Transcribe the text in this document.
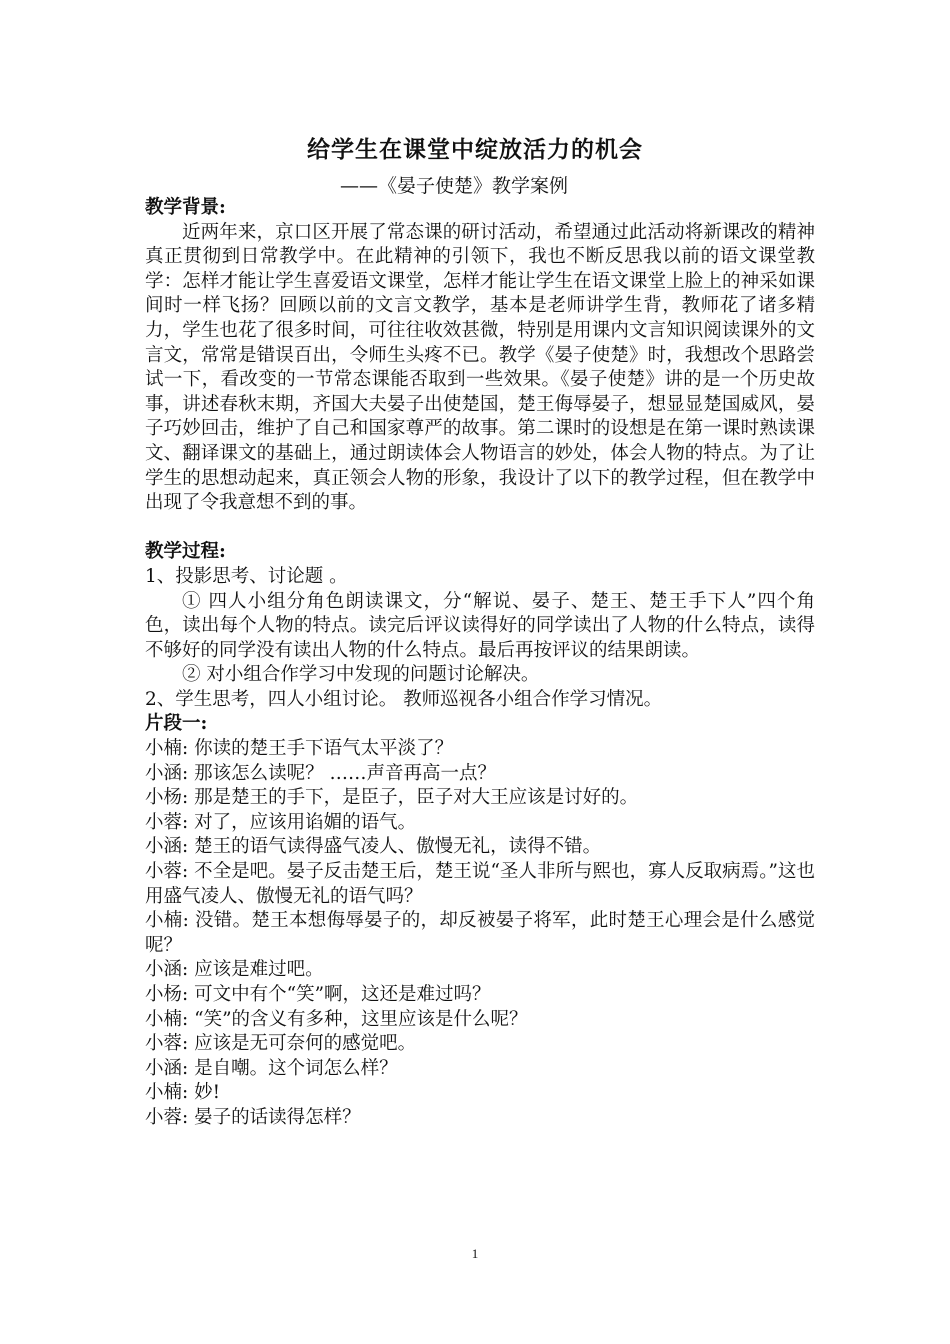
给学生在课堂中绽放活力的机会
——《晏子使楚》教学案例

教学背景:

近两年来，京口区开展了常态课的研讨活动，希望通过此活动将新课改的精神真正贯彻到日常教学中。在此精神的引领下，我也不断反思我以前的语文课堂教学：怎样才能让学生喜爱语文课堂，怎样才能让学生在语文课堂上脸上的神采如课间时一样飞扬？回顾以前的文言文教学，基本是老师讲学生背，教师花了诸多精力，学生也花了很多时间，可往往收效甚微，特别是用课内文言知识阅读课外的文言文，常常是错误百出，令师生头疼不已。教学《晏子使楚》时，我想改个思路尝试一下，看改变的一节常态课能否取到一些效果。《晏子使楚》讲的是一个历史故事，讲述春秋末期，齐国大夫晏子出使楚国，楚王侮辱晏子，想显显楚国威风，晏子巧妙回击，维护了自己和国家尊严的故事。第二课时的设想是在第一课时熟读课文、翻译课文的基础上，通过朗读体会人物语言的妙处，体会人物的特点。为了让学生的思想动起来，真正领会人物的形象，我设计了以下的教学过程，但在教学中出现了令我意想不到的事。

教学过程:

1、投影思考、讨论题 。

① 四人小组分角色朗读课文，分“解说、晏子、楚王、楚王手下人”四个角色，读出每个人物的特点。读完后评议读得好的同学读出了人物的什么特点，读得不够好的同学没有读出人物的什么特点。最后再按评议的结果朗读。

② 对小组合作学习中发现的问题讨论解决。

2、学生思考，四人小组讨论。 教师巡视各小组合作学习情况。

片段一:

小楠: 你读的楚王手下语气太平淡了？

小涵: 那该怎么读呢？ ……声音再高一点？

小杨: 那是楚王的手下，是臣子，臣子对大王应该是讨好的。

小蓉: 对了，应该用谄媚的语气。

小涵: 楚王的语气读得盛气凌人、傲慢无礼，读得不错。

小蓉: 不全是吧。晏子反击楚王后，楚王说“圣人非所与熙也，寡人反取病焉。”这也用盛气凌人、傲慢无礼的语气吗？

小楠: 没错。楚王本想侮辱晏子的，却反被晏子将军，此时楚王心理会是什么感觉呢？

小涵: 应该是难过吧。

小杨: 可文中有个“笑”啊，这还是难过吗？

小楠: “笑”的含义有多种，这里应该是什么呢？

小蓉: 应该是无可奈何的感觉吧。

小涵: 是自嘲。这个词怎么样？

小楠: 妙!

小蓉: 晏子的话读得怎样？

1
